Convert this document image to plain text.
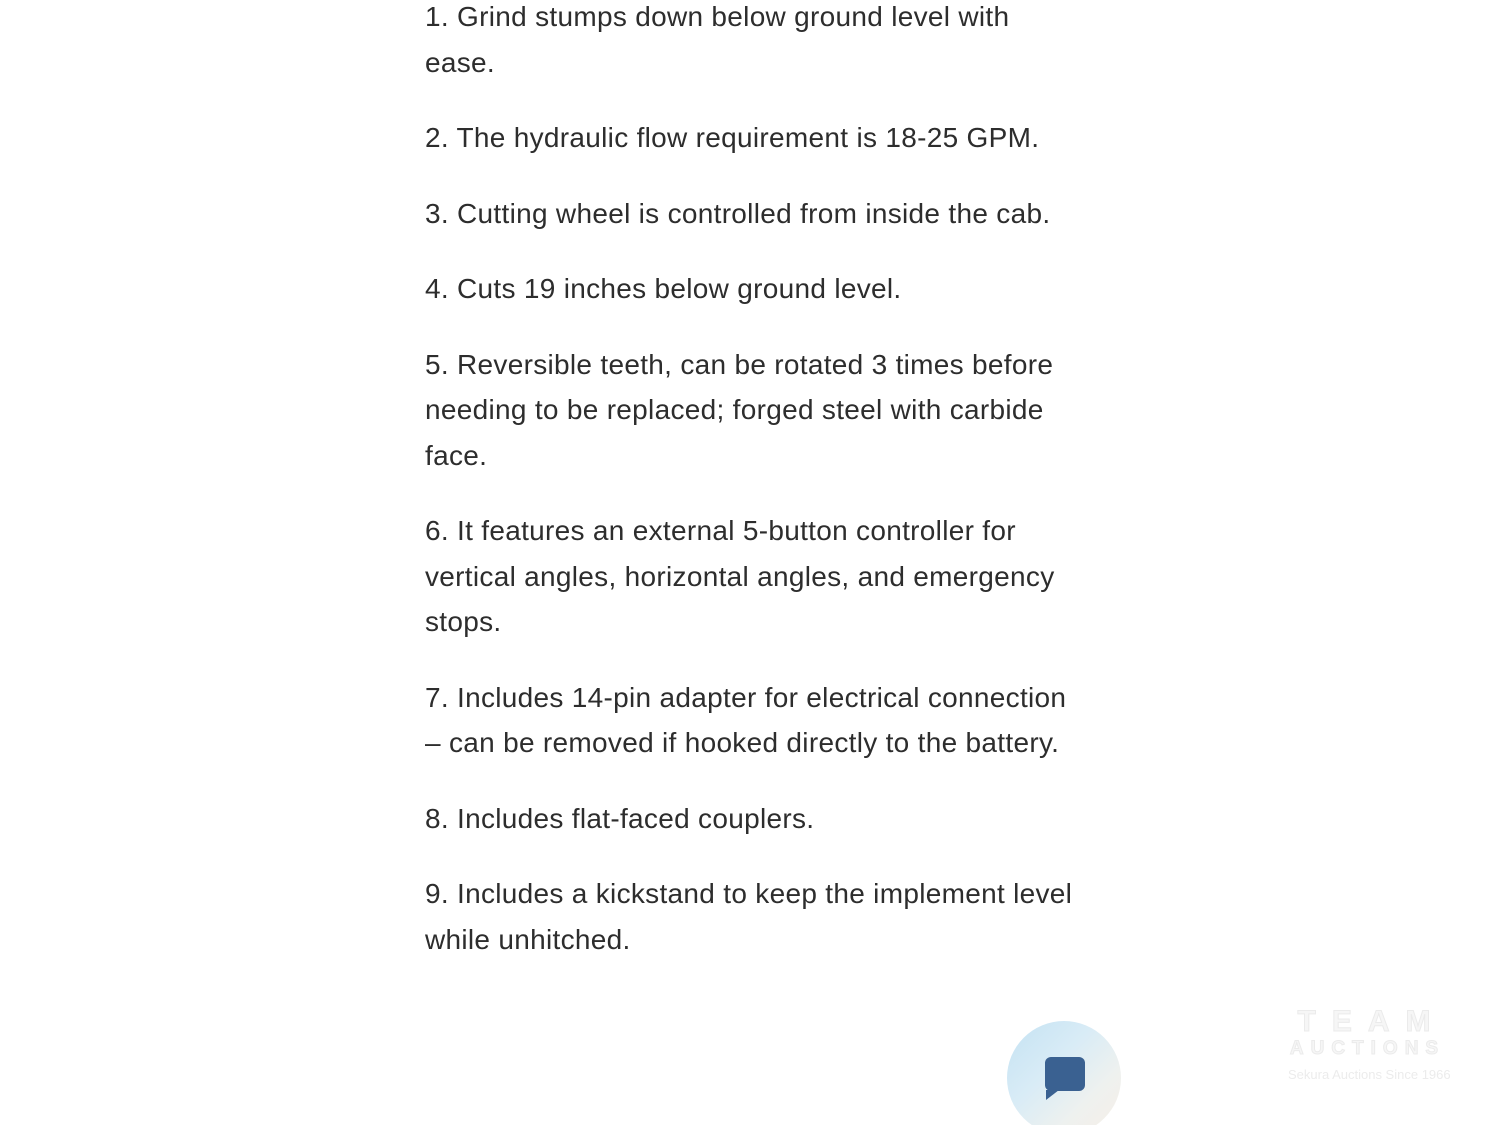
1. Grind stumps down below ground level with ease.

2. The hydraulic flow requirement is 18-25 GPM.

3. Cutting wheel is controlled from inside the cab.

4. Cuts 19 inches below ground level.

5. Reversible teeth, can be rotated 3 times before needing to be replaced; forged steel with carbide face.

6. It features an external 5-button controller for vertical angles, horizontal angles, and emergency stops.

7. Includes 14-pin adapter for electrical connection – can be removed if hooked directly to the battery.

8. Includes flat-faced couplers.

9. Includes a kickstand to keep the implement level while unhitched.

TEAM
AUCTIONS
Sekura Auctions Since 1966
